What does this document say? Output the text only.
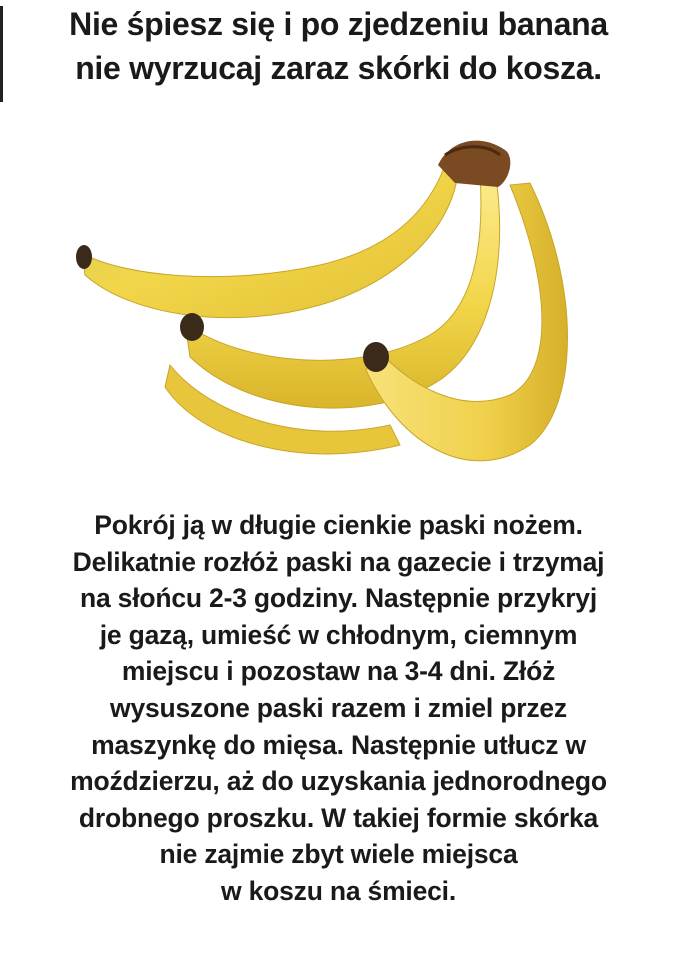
Nie śpiesz się i po zjedzeniu banana
nie wyrzucaj zaraz skórki do kosza.
Pokrój ją w długie cienkie paski nożem.
Delikatnie rozłóż paski na gazecie i trzymaj
na słońcu 2-3 godziny. Następnie przykryj
je gazą, umieść w chłodnym, ciemnym
miejscu i pozostaw na 3-4 dni. Złóż
wysuszone paski razem i zmiel przez
maszynkę do mięsa. Następnie utłucz w
moździerzu, aż do uzyskania jednorodnego
drobnego proszku. W takiej formie skórka
nie zajmie zbyt wiele miejsca
w koszu na śmieci.
